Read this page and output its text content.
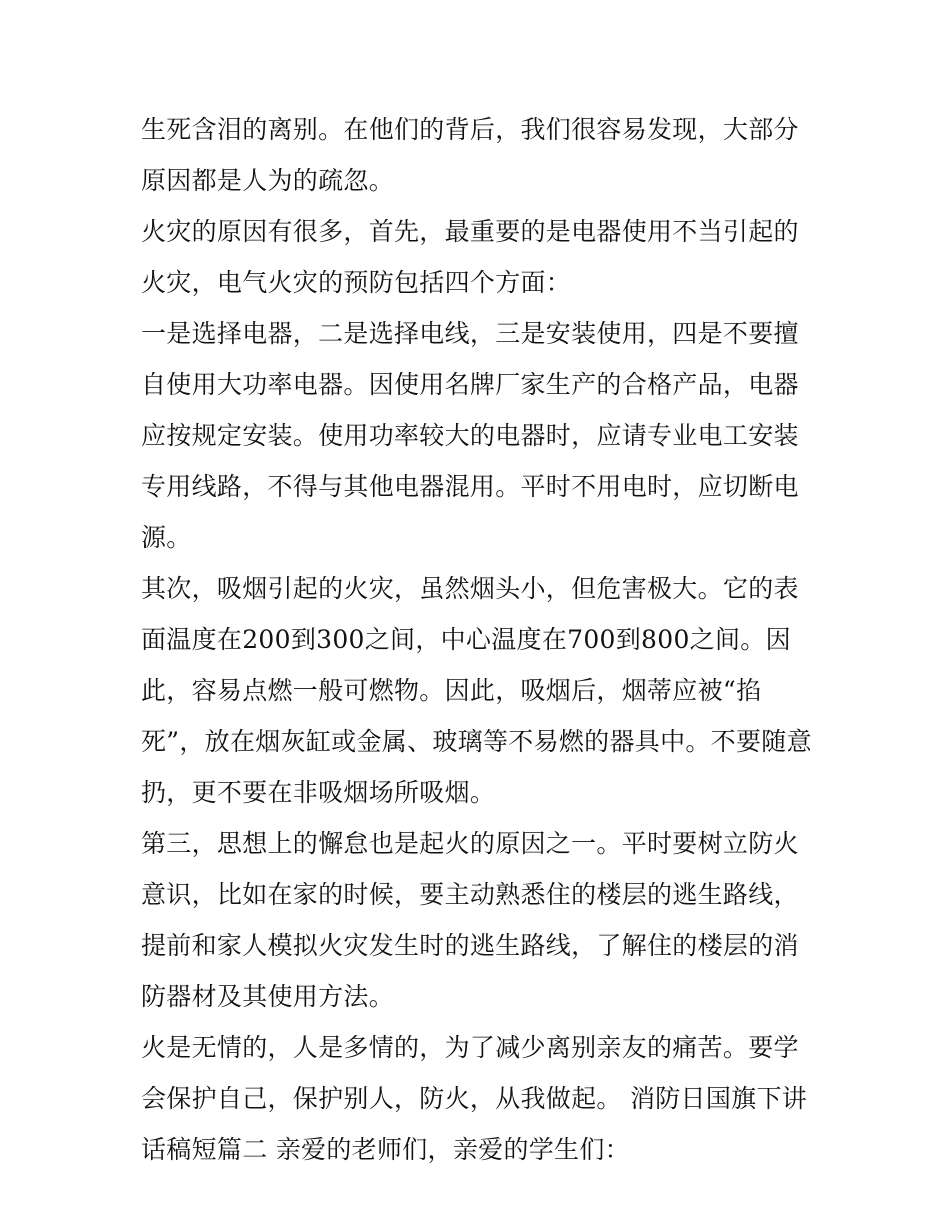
生死含泪的离别。在他们的背后，我们很容易发现，大部分原因都是人为的疏忽。

火灾的原因有很多，首先，最重要的是电器使用不当引起的火灾，电气火灾的预防包括四个方面：

一是选择电器，二是选择电线，三是安装使用，四是不要擅自使用大功率电器。因使用名牌厂家生产的合格产品，电器应按规定安装。使用功率较大的电器时，应请专业电工安装专用线路，不得与其他电器混用。平时不用电时，应切断电源。

其次，吸烟引起的火灾，虽然烟头小，但危害极大。它的表面温度在200到300之间，中心温度在700到800之间。因此，容易点燃一般可燃物。因此，吸烟后，烟蒂应被“掐死”，放在烟灰缸或金属、玻璃等不易燃的器具中。不要随意扔，更不要在非吸烟场所吸烟。

第三，思想上的懈怠也是起火的原因之一。平时要树立防火意识，比如在家的时候，要主动熟悉住的楼层的逃生路线，提前和家人模拟火灾发生时的逃生路线，了解住的楼层的消防器材及其使用方法。

火是无情的，人是多情的，为了减少离别亲友的痛苦。要学会保护自己，保护别人，防火，从我做起。 消防日国旗下讲话稿短篇二 亲爱的老师们，亲爱的学生们：
